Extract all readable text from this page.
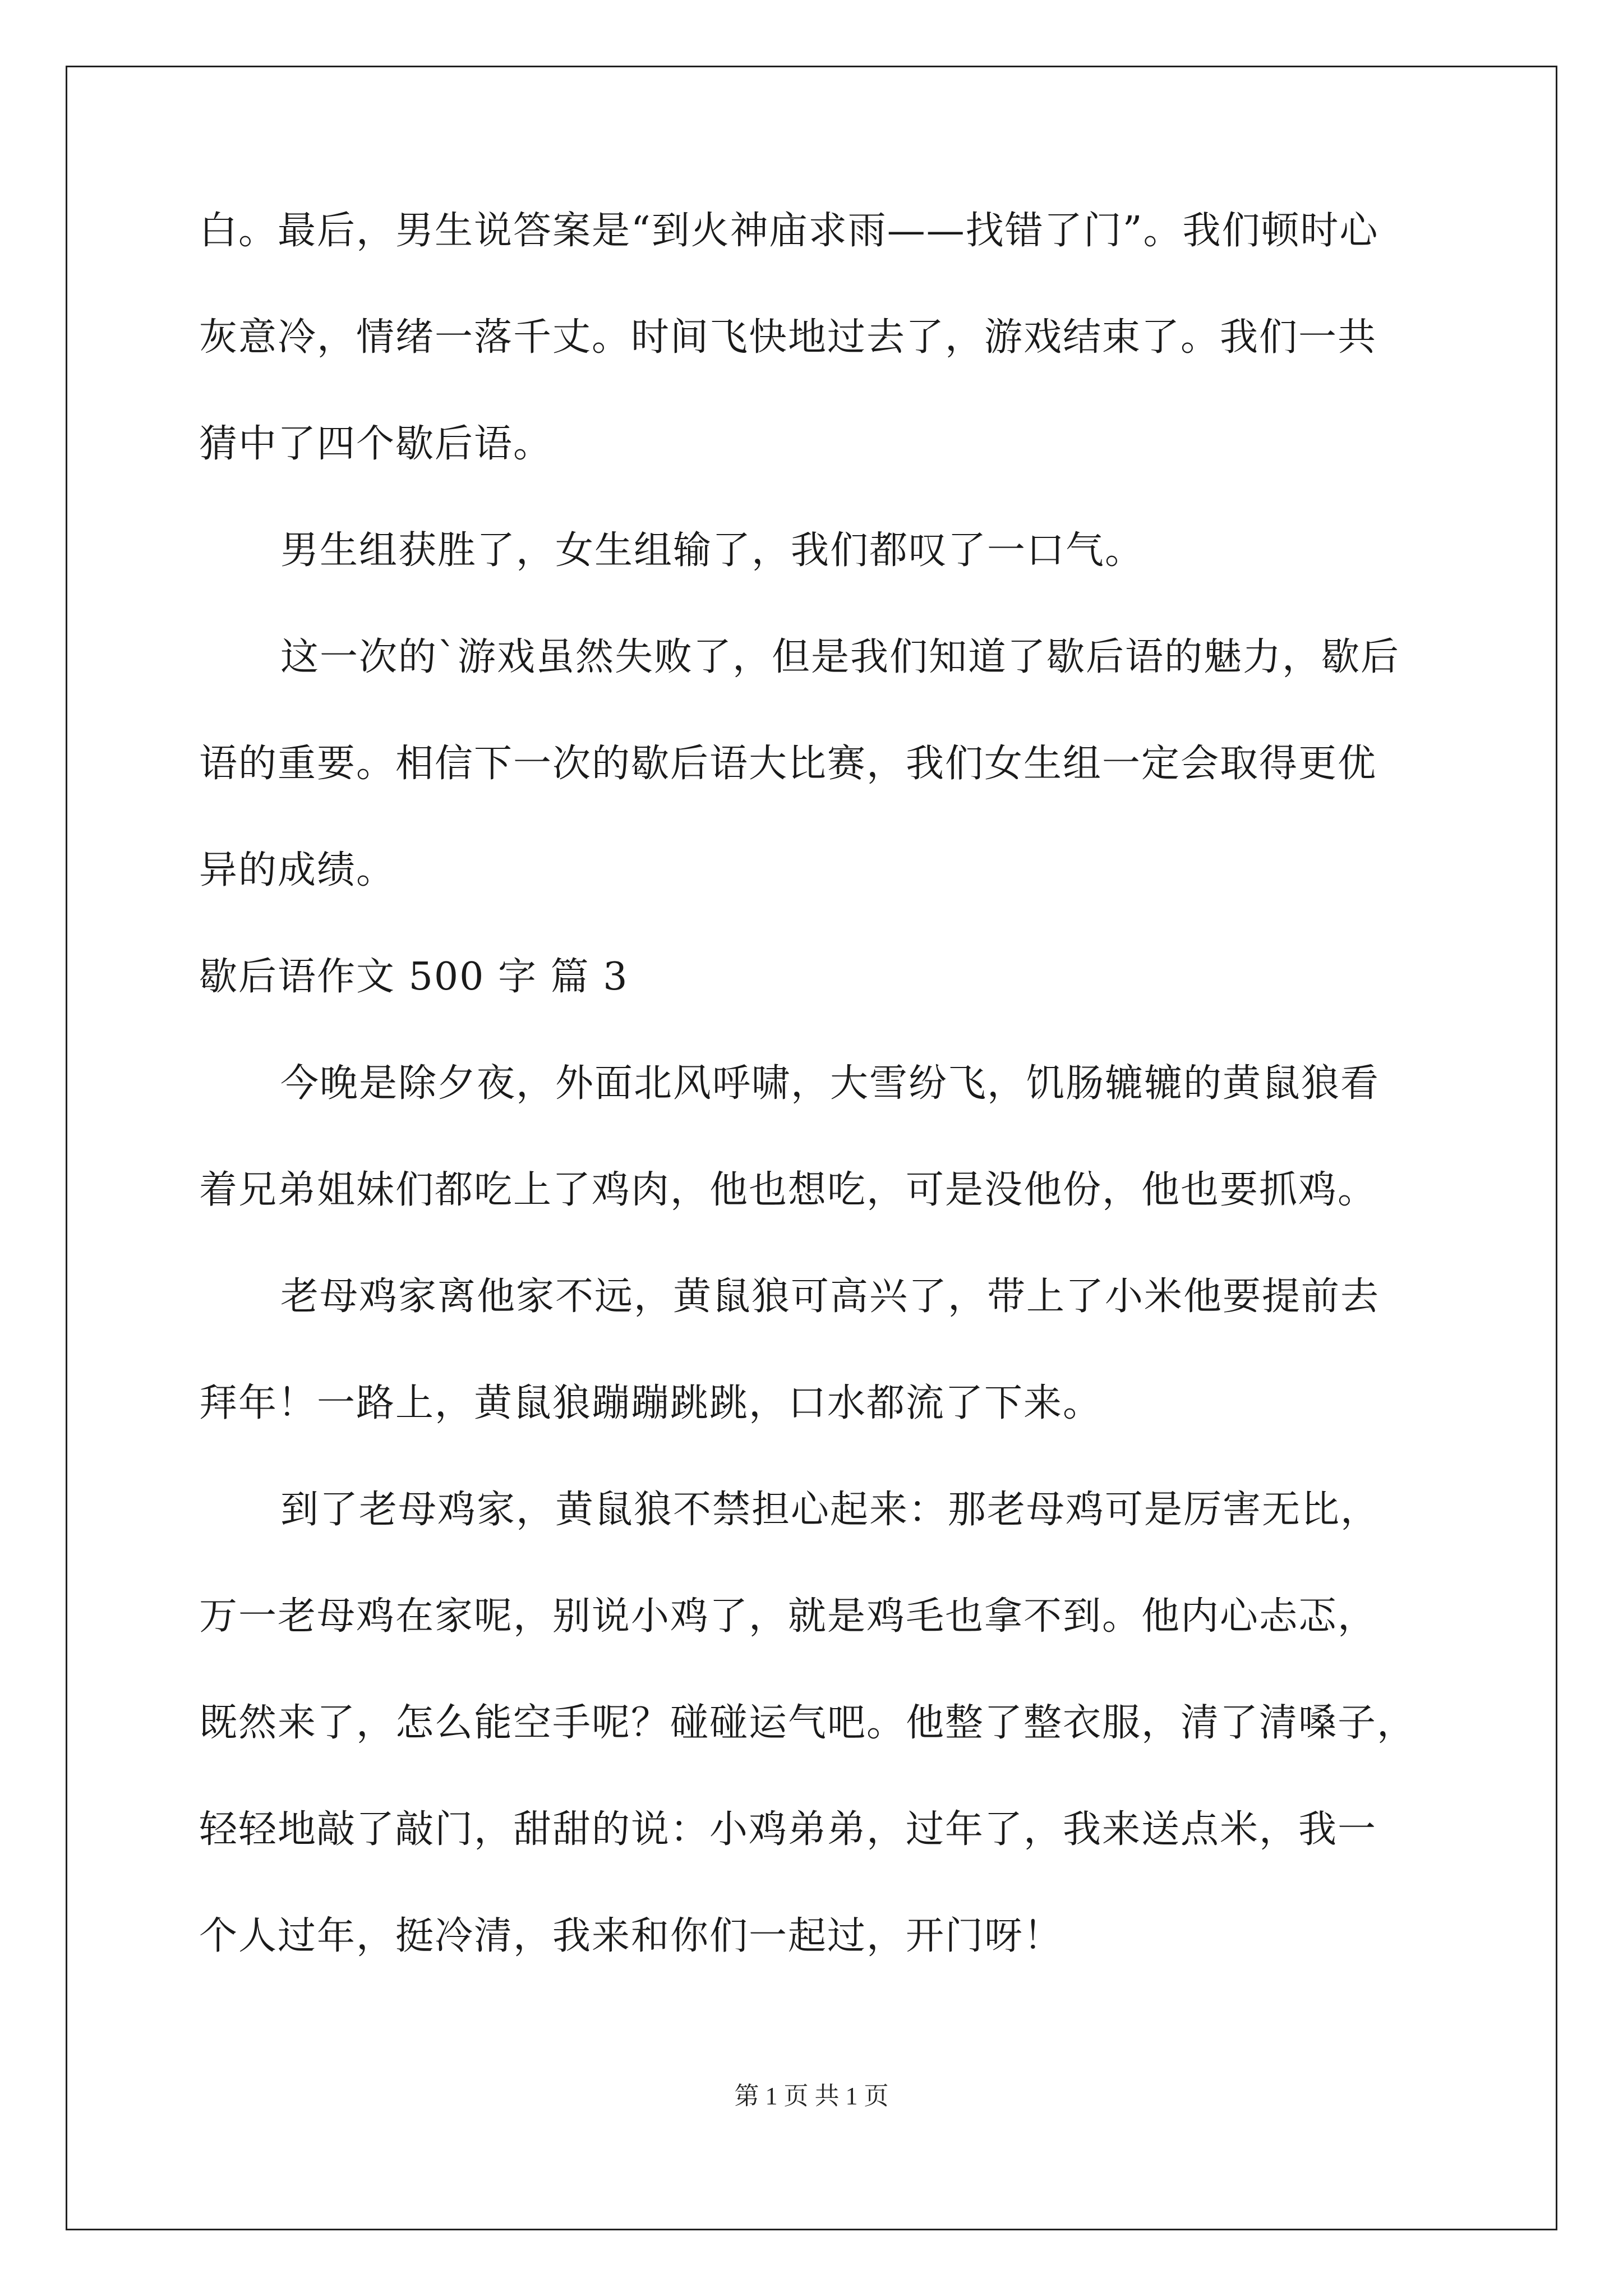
白。最后，男生说答案是“到火神庙求雨——找错了门”。我们顿时心
灰意冷，情绪一落千丈。时间飞快地过去了，游戏结束了。我们一共
猜中了四个歇后语。
男生组获胜了，女生组输了，我们都叹了一口气。
这一次的`游戏虽然失败了，但是我们知道了歇后语的魅力，歇后
语的重要。相信下一次的歇后语大比赛，我们女生组一定会取得更优
异的成绩。
歇后语作文 500 字 篇 3
今晚是除夕夜，外面北风呼啸，大雪纷飞，饥肠辘辘的黄鼠狼看
着兄弟姐妹们都吃上了鸡肉，他也想吃，可是没他份，他也要抓鸡。
老母鸡家离他家不远，黄鼠狼可高兴了，带上了小米他要提前去
拜年！一路上，黄鼠狼蹦蹦跳跳，口水都流了下来。
到了老母鸡家，黄鼠狼不禁担心起来：那老母鸡可是厉害无比，
万一老母鸡在家呢，别说小鸡了，就是鸡毛也拿不到。他内心忐忑，
既然来了，怎么能空手呢？碰碰运气吧。他整了整衣服，清了清嗓子，
轻轻地敲了敲门，甜甜的说：小鸡弟弟，过年了，我来送点米，我一
个人过年，挺冷清，我来和你们一起过，开门呀！
第 1 页 共 1 页
